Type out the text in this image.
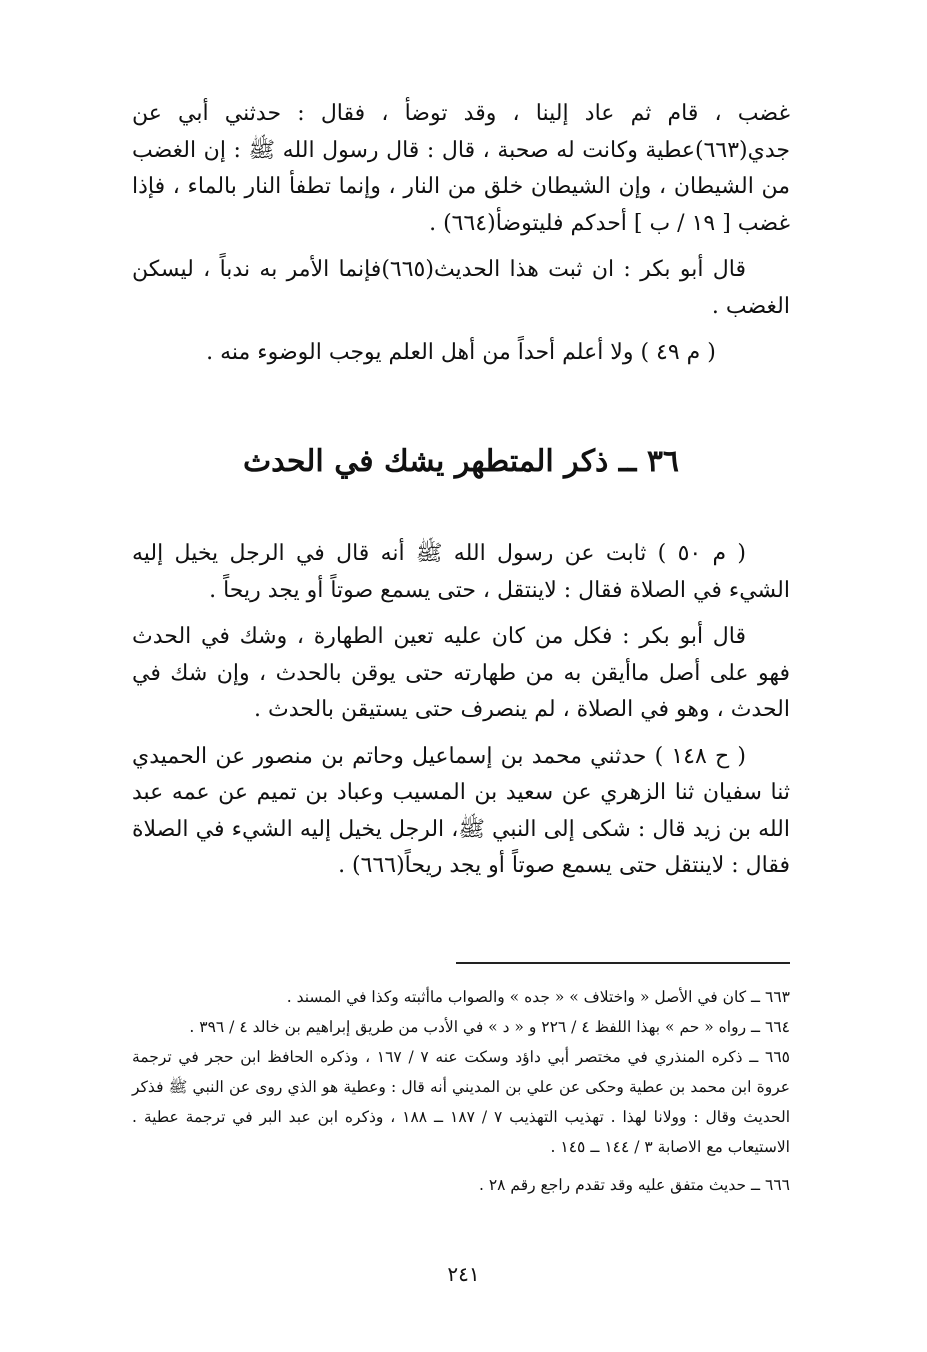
غضب ، قام ثم عاد إلينا ، وقد توضأ ، فقال : حدثني أبي عن جدي(٦٦٣)عطية وكانت له صحبة ، قال : قال رسول الله ﷺ : إن الغضب من الشيطان ، وإن الشيطان خلق من النار ، وإنما تطفأ النار بالماء ، فإذا غضب [ ١٩ / ب ] أحدكم فليتوضأ(٦٦٤) .

قال أبو بكر : ان ثبت هذا الحديث(٦٦٥)فإنما الأمر به ندباً ، ليسكن الغضب .

( م ٤٩ ) ولا أعلم أحداً من أهل العلم يوجب الوضوء منه .

٣٦ ــ ذكر المتطهر يشك في الحدث

( م ٥٠ ) ثابت عن رسول الله ﷺ أنه قال في الرجل يخيل إليه الشيء في الصلاة فقال : لاينتقل ، حتى يسمع صوتاً أو يجد ريحاً .

قال أبو بكر : فكل من كان عليه تعين الطهارة ، وشك في الحدث فهو على أصل ماأيقن به من طهارته حتى يوقن بالحدث ، وإن شك في الحدث ، وهو في الصلاة ، لم ينصرف حتى يستيقن بالحدث .

( ح ١٤٨ ) حدثني محمد بن إسماعيل وحاتم بن منصور عن الحميدي ثنا سفيان ثنا الزهري عن سعيد بن المسيب وعباد بن تميم عن عمه عبد الله بن زيد قال : شكى إلى النبي ﷺ، الرجل يخيل إليه الشيء في الصلاة فقال : لاينتقل حتى يسمع صوتاً أو يجد ريحاً(٦٦٦) .

٦٦٣ ــ كان في الأصل « واختلاف » « جده » والصواب ماأثبته وكذا في المسند .

٦٦٤ ــ رواه « حم » بهذا اللفظ ٤ / ٢٢٦ و « د » في الأدب من طريق إبراهيم بن خالد ٤ / ٣٩٦ .

٦٦٥ ــ ذكره المنذري في مختصر أبي داؤد وسكت عنه ٧ / ١٦٧ ، وذكره الحافظ ابن حجر في ترجمة عروة ابن محمد بن عطية وحكى عن علي بن المديني أنه قال : وعطية هو الذي روى عن النبي ﷺ فذكر الحديث وقال : وولانا لهذا . تهذيب التهذيب ٧ / ١٨٧ ــ ١٨٨ ، وذكره ابن عبد البر في ترجمة عطية . الاستيعاب مع الاصابة ٣ / ١٤٤ ــ ١٤٥ .

٦٦٦ ــ حديث متفق عليه وقد تقدم راجع رقم ٢٨ .

٢٤١
